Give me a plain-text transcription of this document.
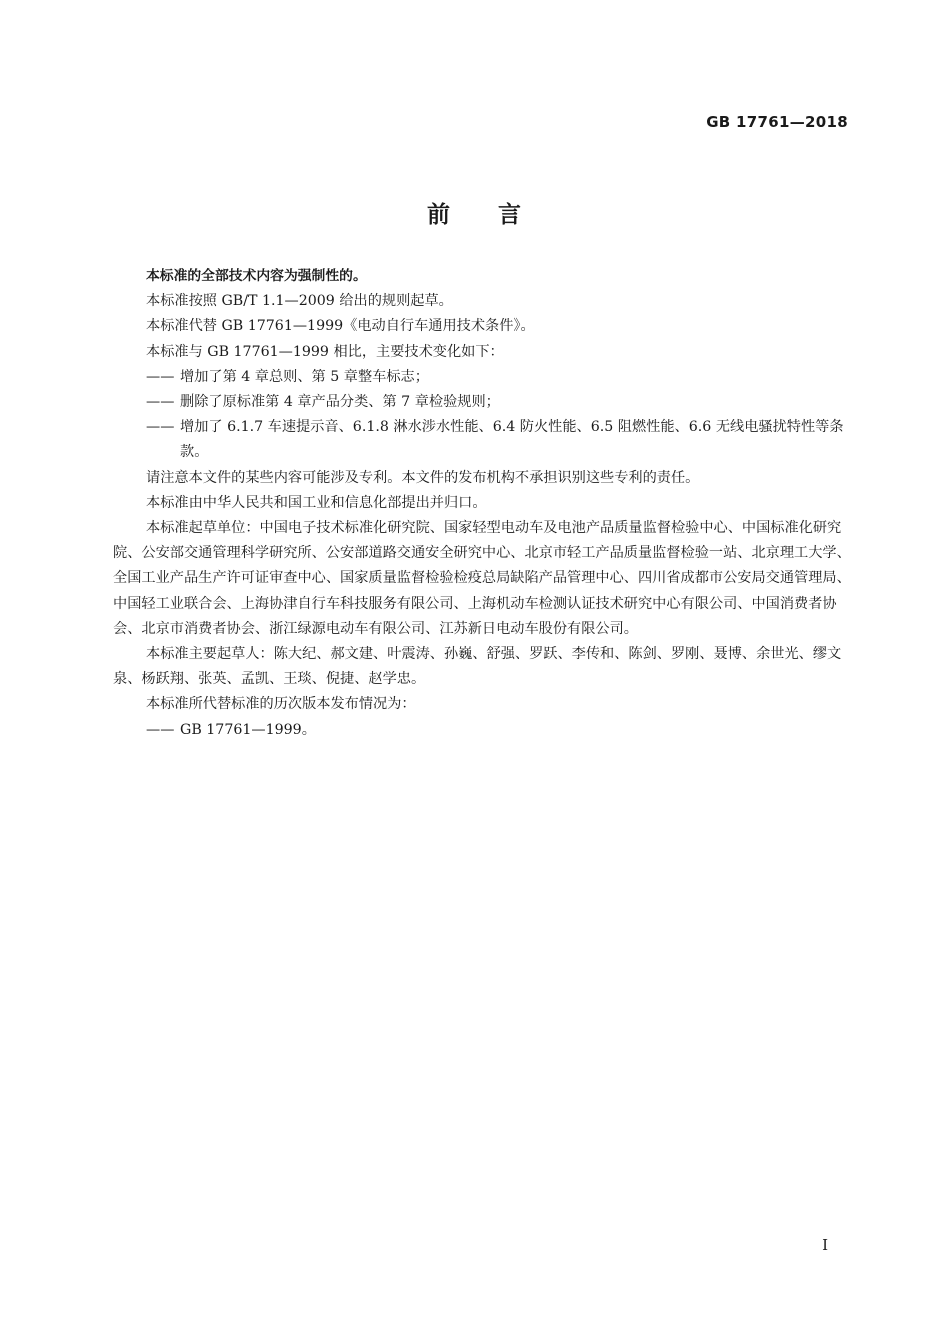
GB 17761—2018
前 言

本标准的全部技术内容为强制性的。

本标准按照 GB/T 1.1—2009 给出的规则起草。

本标准代替 GB 17761—1999《电动自行车通用技术条件》。

本标准与 GB 17761—1999 相比，主要技术变化如下：

—— 增加了第 4 章总则、第 5 章整车标志；
—— 删除了原标准第 4 章产品分类、第 7 章检验规则；
—— 增加了 6.1.7 车速提示音、6.1.8 淋水涉水性能、6.4 防火性能、6.5 阻燃性能、6.6 无线电骚扰特性等条款。

请注意本文件的某些内容可能涉及专利。本文件的发布机构不承担识别这些专利的责任。

本标准由中华人民共和国工业和信息化部提出并归口。

本标准起草单位：中国电子技术标准化研究院、国家轻型电动车及电池产品质量监督检验中心、中国标准化研究院、公安部交通管理科学研究所、公安部道路交通安全研究中心、北京市轻工产品质量监督检验一站、北京理工大学、全国工业产品生产许可证审查中心、国家质量监督检验检疫总局缺陷产品管理中心、四川省成都市公安局交通管理局、中国轻工业联合会、上海协津自行车科技服务有限公司、上海机动车检测认证技术研究中心有限公司、中国消费者协会、北京市消费者协会、浙江绿源电动车有限公司、江苏新日电动车股份有限公司。

本标准主要起草人：陈大纪、郝文建、叶震涛、孙巍、舒强、罗跃、李传和、陈剑、罗刚、聂博、余世光、缪文泉、杨跃翔、张英、孟凯、王琰、倪捷、赵学忠。

本标准所代替标准的历次版本发布情况为：

—— GB 17761—1999。
I
